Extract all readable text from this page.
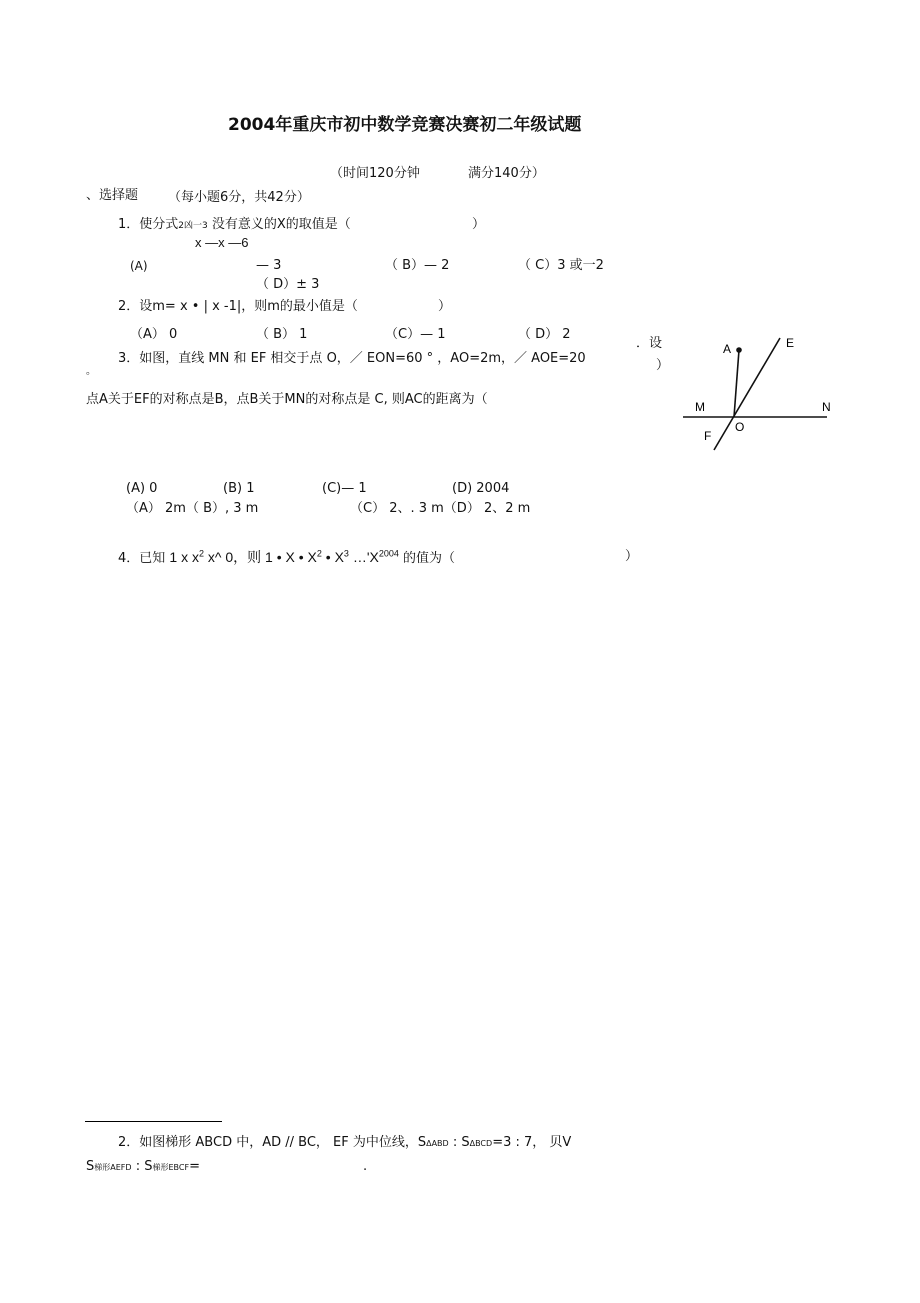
2004年重庆市初中数学竞赛决赛初二年级试题
（时间120分钟	满分140分）
、选择题 （每小题6分，共42分）
1．使分式2凶一3 没有意义的X的取值是（	）
x —x —6
(A)	— 3	（ B）— 2	（ C）3 或一2
（ D）± 3
2．设m= x • | x -1|，则m的最小值是（	）
（A） 0	（ B） 1	（C）— 1	（ D） 2
3．如图，直线 MN 和 EF 相交于点 O，／ EON=60 ° ，AO=2m，／ AOE=20
．设
）
。
点A关于EF的对称点是B，点B关于MN的对称点是 C, 则AC的距离为（
(A) 0	(B) 1	(C)— 1	(D) 2004
（A） 2m（ B）, 3 m	（C） 2、. 3 m（D） 2、2 m
A	E
M	N
O
F
4．已知 1 x $x^2$ x^ 0，则 1 • X • $X^2$ • $X^3$ $\dots'X^{2004}$ 的值为（	）
2．如图梯形 ABCD 中，AD // BC， EF 为中位线，SΔABD : SΔBCD=3 : 7， 贝V
S梯形AEFD : S梯形EBCF=	.
